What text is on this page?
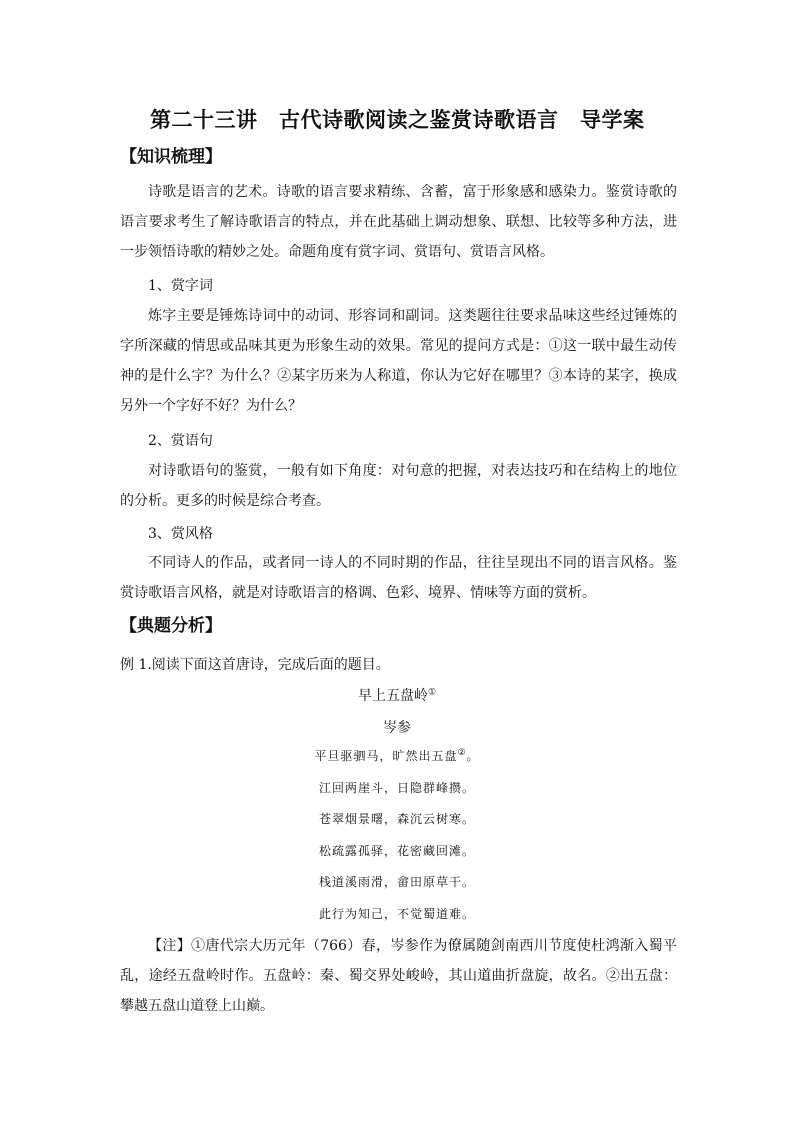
第二十三讲　古代诗歌阅读之鉴赏诗歌语言　导学案
【知识梳理】

诗歌是语言的艺术。诗歌的语言要求精练、含蓄，富于形象感和感染力。鉴赏诗歌的语言要求考生了解诗歌语言的特点，并在此基础上调动想象、联想、比较等多种方法，进一步领悟诗歌的精妙之处。命题角度有赏字词、赏语句、赏语言风格。

1、赏字词

炼字主要是锤炼诗词中的动词、形容词和副词。这类题往往要求品味这些经过锤炼的字所深藏的情思或品味其更为形象生动的效果。常见的提问方式是：①这一联中最生动传神的是什么字？为什么？②某字历来为人称道，你认为它好在哪里？③本诗的某字，换成另外一个字好不好？为什么？

2、赏语句

对诗歌语句的鉴赏，一般有如下角度：对句意的把握，对表达技巧和在结构上的地位的分析。更多的时候是综合考查。

3、赏风格

不同诗人的作品，或者同一诗人的不同时期的作品，往往呈现出不同的语言风格。鉴赏诗歌语言风格，就是对诗歌语言的格调、色彩、境界、情味等方面的赏析。

【典题分析】
例 1.阅读下面这首唐诗，完成后面的题目。
早上五盘岭①
岑参
平旦驱驷马，旷然出五盘②。
江回两崖斗，日隐群峰攒。
苍翠烟景曙，森沉云树寒。
松疏露孤驿，花密藏回滩。
栈道溪雨滑，畲田原草干。
此行为知己，不觉蜀道难。

【注】①唐代宗大历元年（766）春，岑参作为僚属随剑南西川节度使杜鸿渐入蜀平乱，途经五盘岭时作。五盘岭：秦、蜀交界处峻岭，其山道曲折盘旋，故名。②出五盘：攀越五盘山道登上山巅。
